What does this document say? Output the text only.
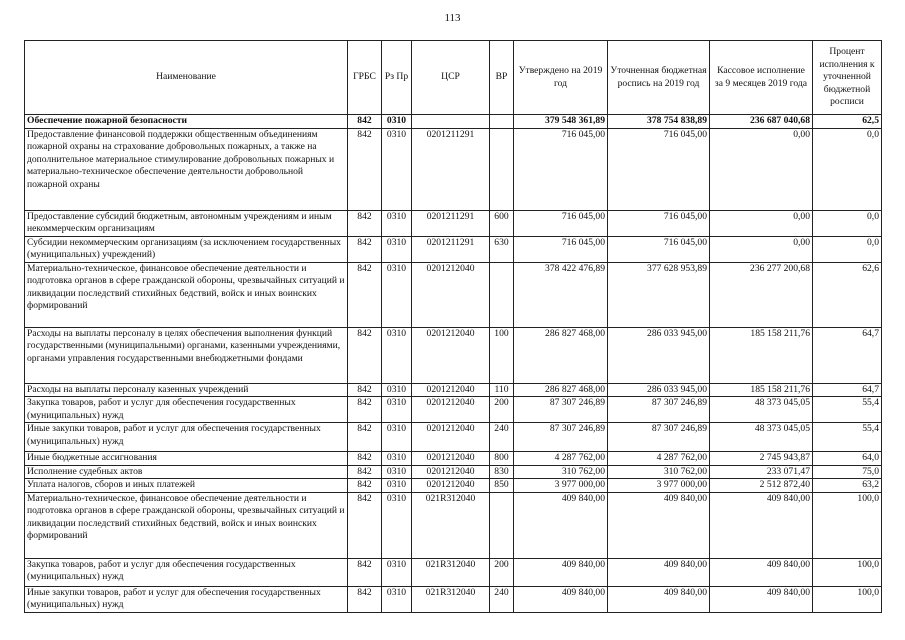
113
Наименование	ГРБС	Рз Пр	ЦСР	ВР	Утверждено на 2019 год	Уточненная бюджетная роспись на 2019 год	Кассовое исполнение за 9 месяцев 2019 года	Процент исполнения к уточненной бюджетной росписи
Обеспечение пожарной безопасности	842	0310			379 548 361,89	378 754 838,89	236 687 040,68	62,5
Предоставление финансовой поддержки общественным объединениям пожарной охраны на страхование добровольных пожарных, а также на дополнительное материальное стимулирование добровольных пожарных и материально-техническое обеспечение деятельности добровольной пожарной охраны	842	0310	0201211291		716 045,00	716 045,00	0,00	0,0
Предоставление субсидий бюджетным, автономным учреждениям и иным некоммерческим организациям	842	0310	0201211291	600	716 045,00	716 045,00	0,00	0,0
Субсидии некоммерческим организациям (за исключением государственных (муниципальных) учреждений)	842	0310	0201211291	630	716 045,00	716 045,00	0,00	0,0
Материально-техническое, финансовое обеспечение деятельности и подготовка органов в сфере гражданской обороны, чрезвычайных ситуаций и ликвидации последствий стихийных бедствий, войск и иных воинских формирований	842	0310	0201212040		378 422 476,89	377 628 953,89	236 277 200,68	62,6
Расходы на выплаты персоналу в целях обеспечения выполнения функций государственными (муниципальными) органами, казенными учреждениями, органами управления государственными внебюджетными фондами	842	0310	0201212040	100	286 827 468,00	286 033 945,00	185 158 211,76	64,7
Расходы на выплаты персоналу казенных учреждений	842	0310	0201212040	110	286 827 468,00	286 033 945,00	185 158 211,76	64,7
Закупка товаров, работ и услуг для обеспечения государственных (муниципальных) нужд	842	0310	0201212040	200	87 307 246,89	87 307 246,89	48 373 045,05	55,4
Иные закупки товаров, работ и услуг для обеспечения государственных (муниципальных) нужд	842	0310	0201212040	240	87 307 246,89	87 307 246,89	48 373 045,05	55,4
Иные бюджетные ассигнования	842	0310	0201212040	800	4 287 762,00	4 287 762,00	2 745 943,87	64,0
Исполнение судебных актов	842	0310	0201212040	830	310 762,00	310 762,00	233 071,47	75,0
Уплата налогов, сборов и иных платежей	842	0310	0201212040	850	3 977 000,00	3 977 000,00	2 512 872,40	63,2
Материально-техническое, финансовое обеспечение деятельности и подготовка органов в сфере гражданской обороны, чрезвычайных ситуаций и ликвидации последствий стихийных бедствий, войск и иных воинских формирований	842	0310	021R312040		409 840,00	409 840,00	409 840,00	100,0
Закупка товаров, работ и услуг для обеспечения государственных (муниципальных) нужд	842	0310	021R312040	200	409 840,00	409 840,00	409 840,00	100,0
Иные закупки товаров, работ и услуг для обеспечения государственных (муниципальных) нужд	842	0310	021R312040	240	409 840,00	409 840,00	409 840,00	100,0
